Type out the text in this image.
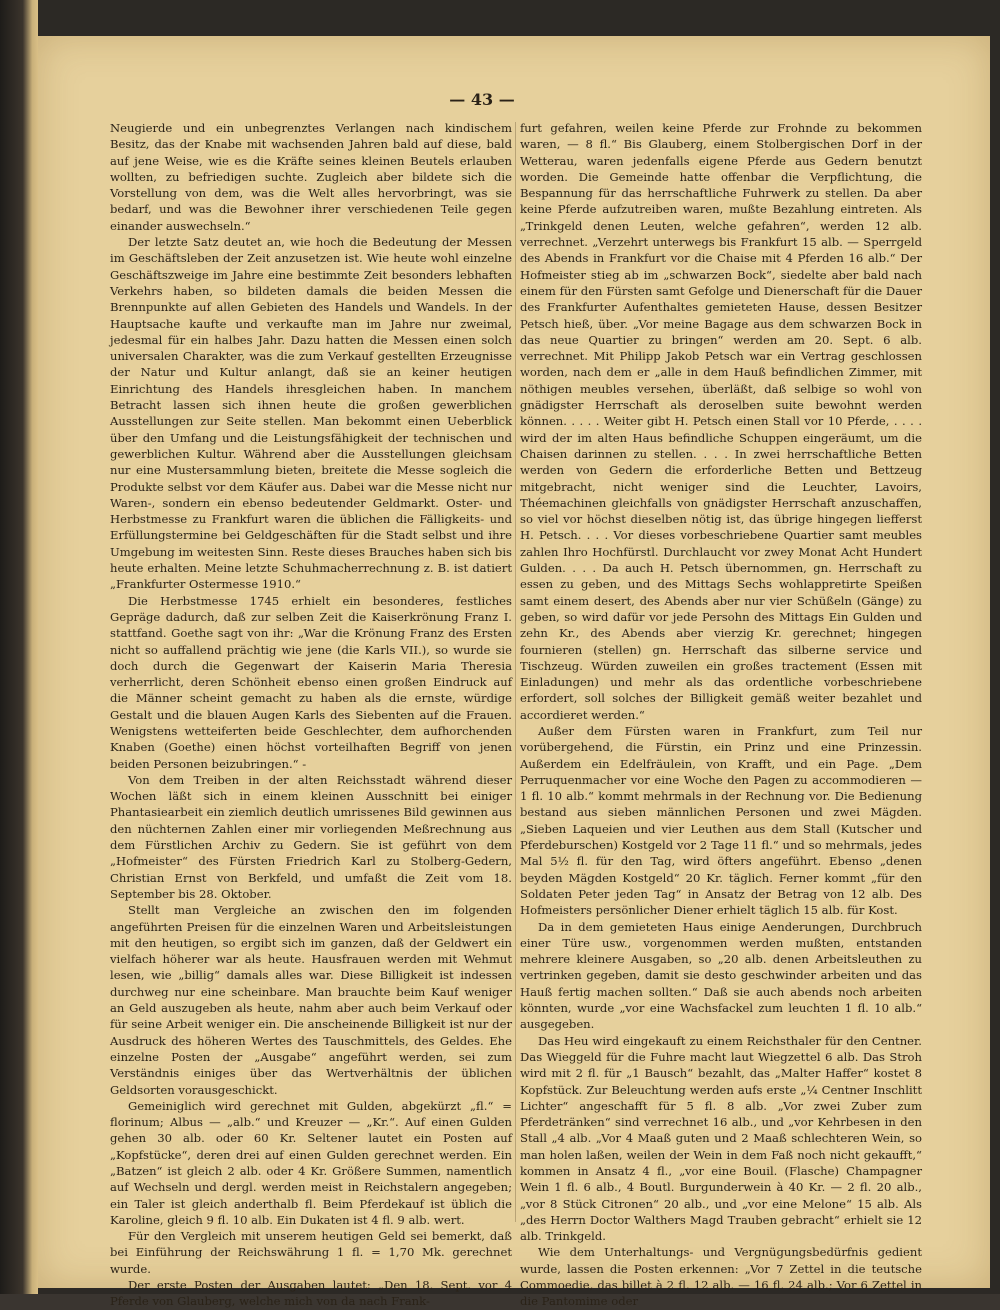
— 43 —

Neugierde und ein unbegrenztes Verlangen nach kindischem Besitz, das der Knabe mit wachsenden Jahren bald auf diese, bald auf jene Weise, wie es die Kräfte seines kleinen Beutels erlauben wollten, zu befriedigen suchte. Zugleich aber bildete sich die Vorstellung von dem, was die Welt alles hervorbringt, was sie bedarf, und was die Bewohner ihrer verschiedenen Teile gegen einander auswechseln.“

Der letzte Satz deutet an, wie hoch die Bedeutung der Messen im Geschäftsleben der Zeit anzusetzen ist. Wie heute wohl einzelne Geschäftszweige im Jahre eine bestimmte Zeit besonders lebhaften Verkehrs haben, so bildeten damals die beiden Messen die Brennpunkte auf allen Gebieten des Handels und Wandels. In der Hauptsache kaufte und verkaufte man im Jahre nur zweimal, jedesmal für ein halbes Jahr. Dazu hatten die Messen einen solch universalen Charakter, was die zum Verkauf gestellten Erzeugnisse der Natur und Kultur anlangt, daß sie an keiner heutigen Einrichtung des Handels ihresgleichen haben. In manchem Betracht lassen sich ihnen heute die großen gewerblichen Ausstellungen zur Seite stellen. Man bekommt einen Ueberblick über den Umfang und die Leistungsfähigkeit der technischen und gewerblichen Kultur. Während aber die Ausstellungen gleichsam nur eine Mustersammlung bieten, breitete die Messe sogleich die Produkte selbst vor dem Käufer aus. Dabei war die Messe nicht nur Waren-, sondern ein ebenso bedeutender Geldmarkt. Oster- und Herbstmesse zu Frankfurt waren die üblichen die Fälligkeits- und Erfüllungstermine bei Geldgeschäften für die Stadt selbst und ihre Umgebung im weitesten Sinn. Reste dieses Brauches haben sich bis heute erhalten. Meine letzte Schuhmacherrechnung z. B. ist datiert „Frankfurter Ostermesse 1910.“

Die Herbstmesse 1745 erhielt ein besonderes, festliches Gepräge dadurch, daß zur selben Zeit die Kaiserkrönung Franz I. stattfand. Goethe sagt von ihr: „War die Krönung Franz des Ersten nicht so auffallend prächtig wie jene (die Karls VII.), so wurde sie doch durch die Gegenwart der Kaiserin Maria Theresia verherrlicht, deren Schönheit ebenso einen großen Eindruck auf die Männer scheint gemacht zu haben als die ernste, würdige Gestalt und die blauen Augen Karls des Siebenten auf die Frauen. Wenigstens wetteiferten beide Geschlechter, dem aufhorchenden Knaben (Goethe) einen höchst vorteilhaften Begriff von jenen beiden Personen beizubringen.“ -

Von dem Treiben in der alten Reichsstadt während dieser Wochen läßt sich in einem kleinen Ausschnitt bei einiger Phantasiearbeit ein ziemlich deutlich umrissenes Bild gewinnen aus den nüchternen Zahlen einer mir vorliegenden Meßrechnung aus dem Fürstlichen Archiv zu Gedern. Sie ist geführt von dem „Hofmeister“ des Fürsten Friedrich Karl zu Stolberg-Gedern, Christian Ernst von Berkfeld, und umfaßt die Zeit vom 18. September bis 28. Oktober.

Stellt man Vergleiche an zwischen den im folgenden angeführten Preisen für die einzelnen Waren und Arbeitsleistungen mit den heutigen, so ergibt sich im ganzen, daß der Geldwert ein vielfach höherer war als heute. Hausfrauen werden mit Wehmut lesen, wie „billig“ damals alles war. Diese Billigkeit ist indessen durchweg nur eine scheinbare. Man brauchte beim Kauf weniger an Geld auszugeben als heute, nahm aber auch beim Verkauf oder für seine Arbeit weniger ein. Die anscheinende Billigkeit ist nur der Ausdruck des höheren Wertes des Tauschmittels, des Geldes. Ehe einzelne Posten der „Ausgabe“ angeführt werden, sei zum Verständnis einiges über das Wertverhältnis der üblichen Geldsorten vorausgeschickt.

Gemeiniglich wird gerechnet mit Gulden, abgekürzt „fl.“ = florinum; Albus — „alb.“ und Kreuzer — „Kr.“. Auf einen Gulden gehen 30 alb. oder 60 Kr. Seltener lautet ein Posten auf „Kopfstücke“, deren drei auf einen Gulden gerechnet werden. Ein „Batzen“ ist gleich 2 alb. oder 4 Kr. Größere Summen, namentlich auf Wechseln und dergl. werden meist in Reichstalern angegeben; ein Taler ist gleich anderthalb fl. Beim Pferdekauf ist üblich die Karoline, gleich 9 fl. 10 alb. Ein Dukaten ist 4 fl. 9 alb. wert.

Für den Vergleich mit unserem heutigen Geld sei bemerkt, daß bei Einführung der Reichswährung 1 fl. = 1,70 Mk. gerechnet wurde.

Der erste Posten der Ausgaben lautet: „Den 18. Sept. vor 4 Pferde von Glauberg, welche mich von da nach Frank-

furt gefahren, weilen keine Pferde zur Frohnde zu bekommen waren, — 8 fl.“ Bis Glauberg, einem Stolbergischen Dorf in der Wetterau, waren jedenfalls eigene Pferde aus Gedern benutzt worden. Die Gemeinde hatte offenbar die Verpflichtung, die Bespannung für das herrschaftliche Fuhrwerk zu stellen. Da aber keine Pferde aufzutreiben waren, mußte Bezahlung eintreten. Als „Trinkgeld denen Leuten, welche gefahren“, werden 12 alb. verrechnet. „Verzehrt unterwegs bis Frankfurt 15 alb. — Sperrgeld des Abends in Frankfurt vor die Chaise mit 4 Pferden 16 alb.“ Der Hofmeister stieg ab im „schwarzen Bock“, siedelte aber bald nach einem für den Fürsten samt Gefolge und Dienerschaft für die Dauer des Frankfurter Aufenthaltes gemieteten Hause, dessen Besitzer Petsch hieß, über. „Vor meine Bagage aus dem schwarzen Bock in das neue Quartier zu bringen“ werden am 20. Sept. 6 alb. verrechnet. Mit Philipp Jakob Petsch war ein Vertrag geschlossen worden, nach dem er „alle in dem Hauß befindlichen Zimmer, mit nöthigen meubles versehen, überläßt, daß selbige so wohl von gnädigster Herrschaft als deroselben suite bewohnt werden können. . . . . Weiter gibt H. Petsch einen Stall vor 10 Pferde, . . . . wird der im alten Haus befindliche Schuppen eingeräumt, um die Chaisen darinnen zu stellen. . . . In zwei herrschaftliche Betten werden von Gedern die erforderliche Betten und Bettzeug mitgebracht, nicht weniger sind die Leuchter, Lavoirs, Théemachinen gleichfalls von gnädigster Herrschaft anzuschaffen, so viel vor höchst dieselben nötig ist, das übrige hingegen liefferst H. Petsch. . . . Vor dieses vorbeschriebene Quartier samt meubles zahlen Ihro Hochfürstl. Durchlaucht vor zwey Monat Acht Hundert Gulden. . . . Da auch H. Petsch übernommen, gn. Herrschaft zu essen zu geben, und des Mittags Sechs wohlappretirte Speißen samt einem desert, des Abends aber nur vier Schüßeln (Gänge) zu geben, so wird dafür vor jede Persohn des Mittags Ein Gulden und zehn Kr., des Abends aber vierzig Kr. gerechnet; hingegen fournieren (stellen) gn. Herrschaft das silberne service und Tischzeug. Würden zuweilen ein großes tractement (Essen mit Einladungen) und mehr als das ordentliche vorbeschriebene erfordert, soll solches der Billigkeit gemäß weiter bezahlet und accordieret werden.“

Außer dem Fürsten waren in Frankfurt, zum Teil nur vorübergehend, die Fürstin, ein Prinz und eine Prinzessin. Außerdem ein Edelfräulein, von Krafft, und ein Page. „Dem Perruquenmacher vor eine Woche den Pagen zu accommodieren — 1 fl. 10 alb.“ kommt mehrmals in der Rechnung vor. Die Bedienung bestand aus sieben männlichen Personen und zwei Mägden. „Sieben Laqueien und vier Leuthen aus dem Stall (Kutscher und Pferdeburschen) Kostgeld vor 2 Tage 11 fl.“ und so mehrmals, jedes Mal 5½ fl. für den Tag, wird öfters angeführt. Ebenso „denen beyden Mägden Kostgeld“ 20 Kr. täglich. Ferner kommt „für den Soldaten Peter jeden Tag“ in Ansatz der Betrag von 12 alb. Des Hofmeisters persönlicher Diener erhielt täglich 15 alb. für Kost.

Da in dem gemieteten Haus einige Aenderungen, Durchbruch einer Türe usw., vorgenommen werden mußten, entstanden mehrere kleinere Ausgaben, so „20 alb. denen Arbeitsleuthen zu vertrinken gegeben, damit sie desto geschwinder arbeiten und das Hauß fertig machen sollten.“ Daß sie auch abends noch arbeiten könnten, wurde „vor eine Wachsfackel zum leuchten 1 fl. 10 alb.“ ausgegeben.

Das Heu wird eingekauft zu einem Reichsthaler für den Centner. Das Wieggeld für die Fuhre macht laut Wiegzettel 6 alb. Das Stroh wird mit 2 fl. für „1 Bausch“ bezahlt, das „Malter Haffer“ kostet 8 Kopfstück. Zur Beleuchtung werden aufs erste „¼ Centner Inschlitt Lichter“ angeschafft für 5 fl. 8 alb. „Vor zwei Zuber zum Pferdetränken“ sind verrechnet 16 alb., und „vor Kehrbesen in den Stall „4 alb. „Vor 4 Maaß guten und 2 Maaß schlechteren Wein, so man holen laßen, weilen der Wein in dem Faß noch nicht gekaufft,“ kommen in Ansatz 4 fl., „vor eine Bouil. (Flasche) Champagner Wein 1 fl. 6 alb., 4 Boutl. Burgunderwein à 40 Kr. — 2 fl. 20 alb., „vor 8 Stück Citronen“ 20 alb., und „vor eine Melone“ 15 alb. Als „des Herrn Doctor Walthers Magd Trauben gebracht“ erhielt sie 12 alb. Trinkgeld.

Wie dem Unterhaltungs- und Vergnügungsbedürfnis gedient wurde, lassen die Posten erkennen: „Vor 7 Zettel in die teutsche Commoedie, das billet à 2 fl. 12 alb. — 16 fl. 24 alb.; Vor 6 Zettel in die Pantomime oder
